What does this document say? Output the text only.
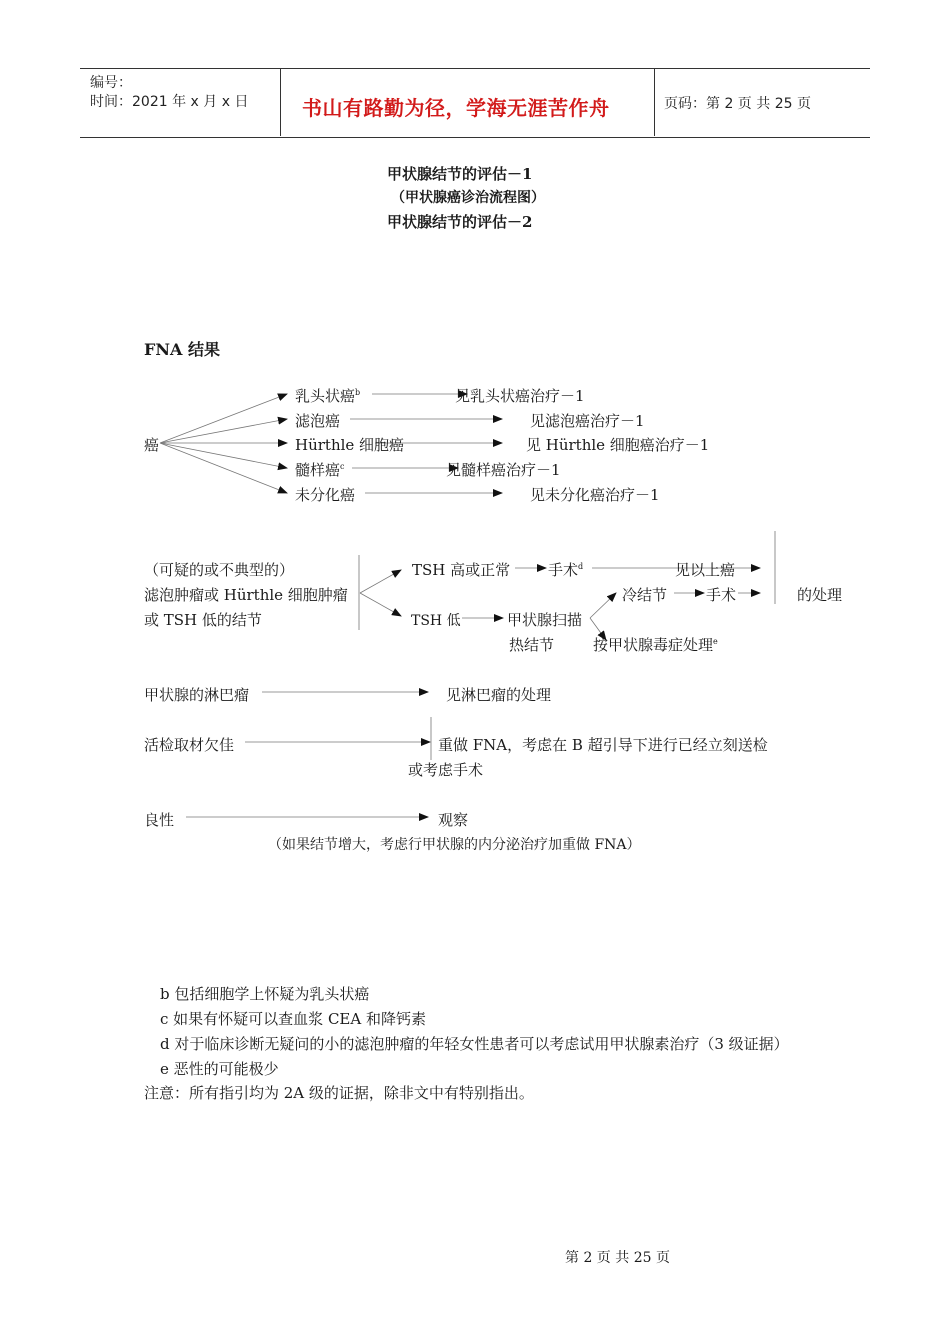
编号：
时间：2021 年 x 月 x 日	书山有路勤为径，学海无涯苦作舟	页码：第 2 页 共 25 页
甲状腺结节的评估－1
（甲状腺癌诊治流程图）
甲状腺结节的评估－2
FNA 结果
癌
乳头状癌$^b$	见乳头状癌治疗－1
滤泡癌	见滤泡癌治疗－1
Hürthle 细胞癌	见 Hürthle 细胞癌治疗－1
髓样癌$^c$	见髓样癌治疗－1
未分化癌	见未分化癌治疗－1
（可疑的或不典型的）
滤泡肿瘤或 Hürthle 细胞肿瘤
或 TSH 低的结节
TSH 高或正常	手术$^d$	见以上癌
的处理
TSH 低	甲状腺扫描
冷结节	手术
热结节	按甲状腺毒症处理$^e$
甲状腺的淋巴瘤	见淋巴瘤的处理
活检取材欠佳	重做 FNA，考虑在 B 超引导下进行已经立刻送检
或考虑手术
良性	观察
（如果结节增大，考虑行甲状腺的内分泌治疗加重做 FNA）
b 包括细胞学上怀疑为乳头状癌
c 如果有怀疑可以查血浆 CEA 和降钙素
d 对于临床诊断无疑问的小的滤泡肿瘤的年轻女性患者可以考虑试用甲状腺素治疗（3 级证据）
e 恶性的可能极少
注意：所有指引均为 2A 级的证据，除非文中有特别指出。
第 2 页 共 25 页
